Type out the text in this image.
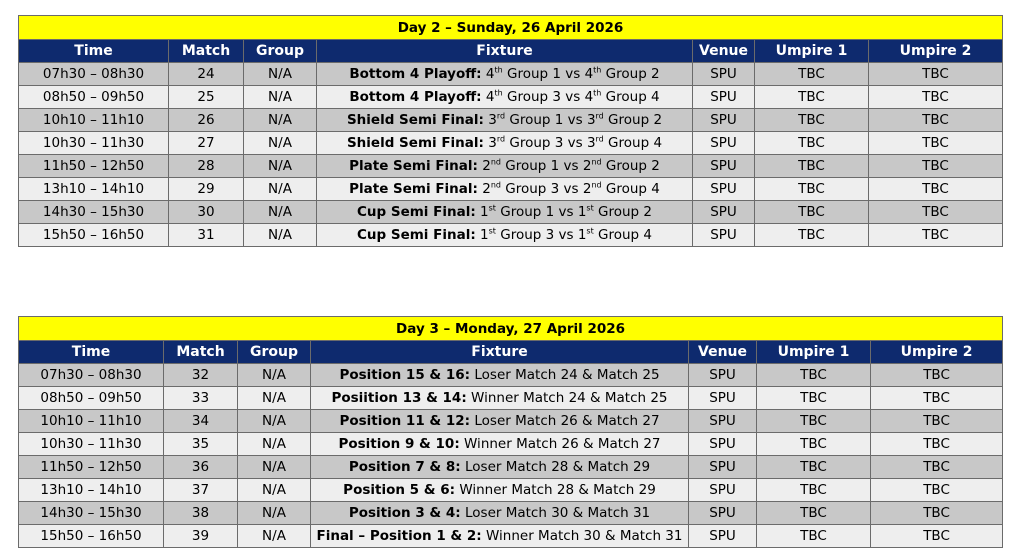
Day 2 – Sunday, 26 April 2026						
Time	Match	Group	Fixture	Venue	Umpire 1	Umpire 2
07h30 – 08h30	24	N/A	Bottom 4 Playoff: 4th Group 1 vs 4th Group 2	SPU	TBC	TBC
08h50 – 09h50	25	N/A	Bottom 4 Playoff: 4th Group 3 vs 4th Group 4	SPU	TBC	TBC
10h10 – 11h10	26	N/A	Shield Semi Final: 3rd Group 1 vs 3rd Group 2	SPU	TBC	TBC
10h30 – 11h30	27	N/A	Shield Semi Final: 3rd Group 3 vs 3rd Group 4	SPU	TBC	TBC
11h50 – 12h50	28	N/A	Plate Semi Final: 2nd Group 1 vs 2nd Group 2	SPU	TBC	TBC
13h10 – 14h10	29	N/A	Plate Semi Final: 2nd Group 3 vs 2nd Group 4	SPU	TBC	TBC
14h30 – 15h30	30	N/A	Cup Semi Final: 1st Group 1 vs 1st Group 2	SPU	TBC	TBC
15h50 – 16h50	31	N/A	Cup Semi Final: 1st Group 3 vs 1st Group 4	SPU	TBC	TBC
Day 3 – Monday, 27 April 2026						
Time	Match	Group	Fixture	Venue	Umpire 1	Umpire 2
07h30 – 08h30	32	N/A	Position 15 & 16: Loser Match 24 & Match 25	SPU	TBC	TBC
08h50 – 09h50	33	N/A	Posiition 13 & 14: Winner Match 24 & Match 25	SPU	TBC	TBC
10h10 – 11h10	34	N/A	Position 11 & 12: Loser Match 26 & Match 27	SPU	TBC	TBC
10h30 – 11h30	35	N/A	Position 9 & 10: Winner Match 26 & Match 27	SPU	TBC	TBC
11h50 – 12h50	36	N/A	Position 7 & 8: Loser Match 28 & Match 29	SPU	TBC	TBC
13h10 – 14h10	37	N/A	Position 5 & 6: Winner Match 28 & Match 29	SPU	TBC	TBC
14h30 – 15h30	38	N/A	Position 3 & 4: Loser Match 30 & Match 31	SPU	TBC	TBC
15h50 – 16h50	39	N/A	Final – Position 1 & 2: Winner Match 30 & Match 31	SPU	TBC	TBC
